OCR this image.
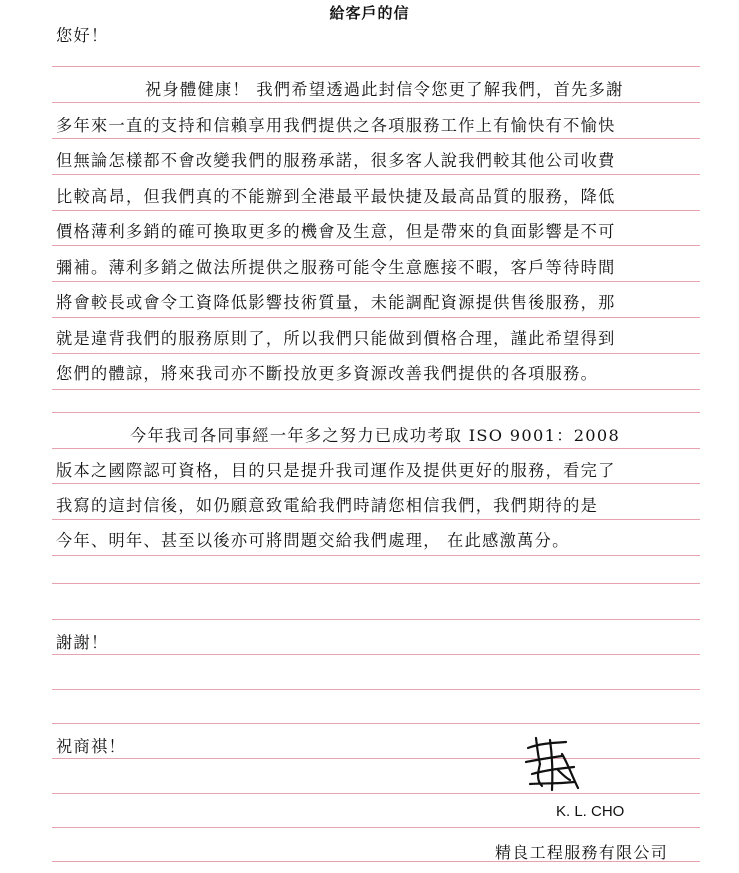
給客戶的信
您好！
祝身體健康！ 我們希望透過此封信令您更了解我們，首先多謝
多年來一直的支持和信賴享用我們提供之各項服務工作上有愉快有不愉快
但無論怎樣都不會改變我們的服務承諾，很多客人說我們較其他公司收費
比較高昂，但我們真的不能辦到全港最平最快捷及最高品質的服務，降低
價格薄利多銷的確可換取更多的機會及生意，但是帶來的負面影響是不可
彌補。薄利多銷之做法所提供之服務可能令生意應接不暇，客戶等待時間
將會較長或會令工資降低影響技術質量，未能調配資源提供售後服務，那
就是違背我們的服務原則了，所以我們只能做到價格合理，謹此希望得到
您們的體諒，將來我司亦不斷投放更多資源改善我們提供的各項服務。
今年我司各同事經一年多之努力已成功考取 ISO 9001：2008
版本之國際認可資格，目的只是提升我司運作及提供更好的服務，看完了
我寫的這封信後，如仍願意致電給我們時請您相信我們，我們期待的是
今年、明年、甚至以後亦可將問題交給我們處理， 在此感激萬分。
謝謝！
祝商祺！
K. L. CHO
精良工程服務有限公司
